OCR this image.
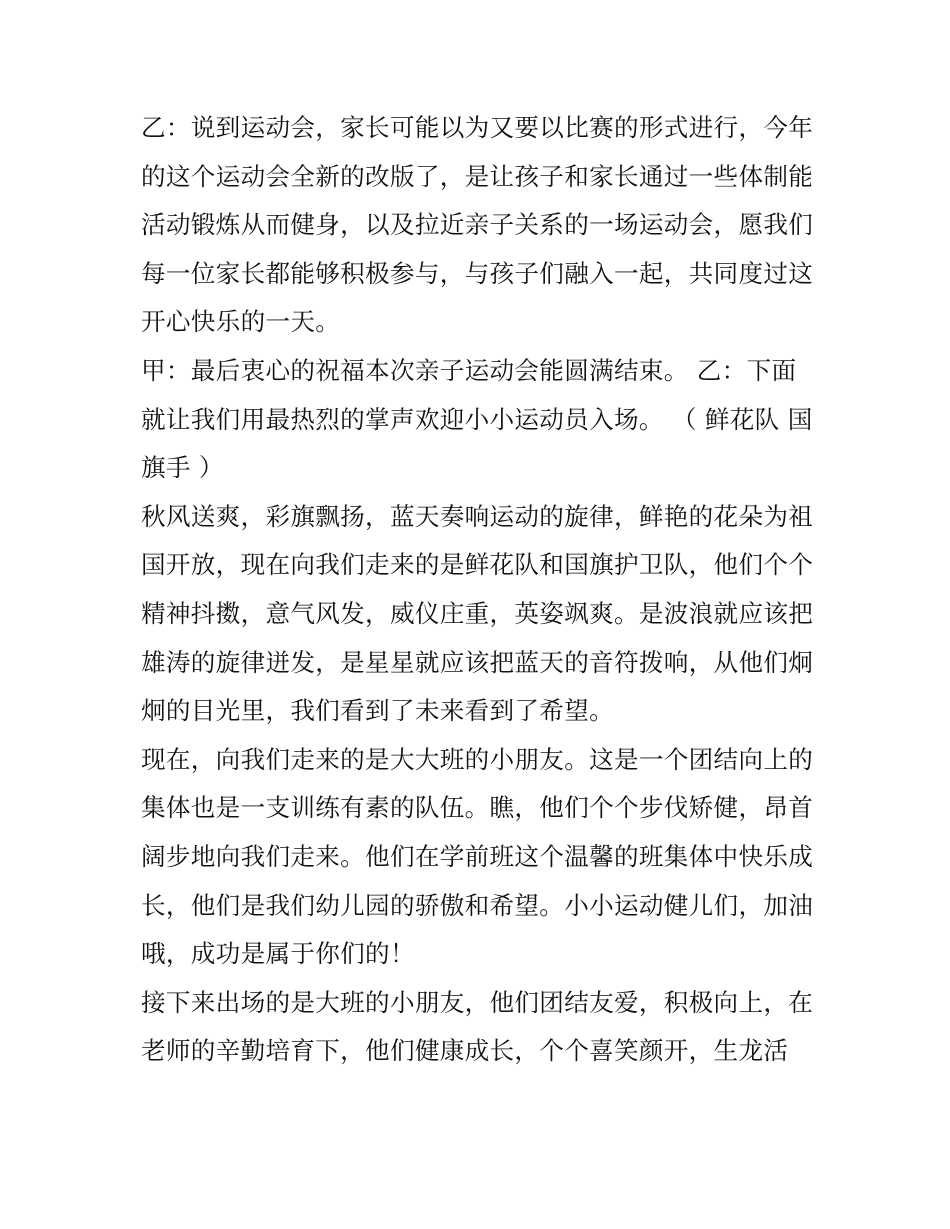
乙：说到运动会，家长可能以为又要以比赛的形式进行，今年
的这个运动会全新的改版了，是让孩子和家长通过一些体制能
活动锻炼从而健身，以及拉近亲子关系的一场运动会，愿我们
每一位家长都能够积极参与，与孩子们融入一起，共同度过这
开心快乐的一天。
甲：最后衷心的祝福本次亲子运动会能圆满结束。 乙：下面
就让我们用最热烈的掌声欢迎小小运动员入场。 （ 鲜花队 国
旗手 ）
秋风送爽，彩旗飘扬，蓝天奏响运动的旋律，鲜艳的花朵为祖
国开放，现在向我们走来的是鲜花队和国旗护卫队，他们个个
精神抖擞，意气风发，威仪庄重，英姿飒爽。是波浪就应该把
雄涛的旋律迸发，是星星就应该把蓝天的音符拨响，从他们炯
炯的目光里，我们看到了未来看到了希望。
现在，向我们走来的是大大班的小朋友。这是一个团结向上的
集体也是一支训练有素的队伍。瞧，他们个个步伐矫健，昂首
阔步地向我们走来。他们在学前班这个温馨的班集体中快乐成
长，他们是我们幼儿园的骄傲和希望。小小运动健儿们，加油
哦，成功是属于你们的！
接下来出场的是大班的小朋友，他们团结友爱，积极向上，在
老师的辛勤培育下，他们健康成长，个个喜笑颜开，生龙活
